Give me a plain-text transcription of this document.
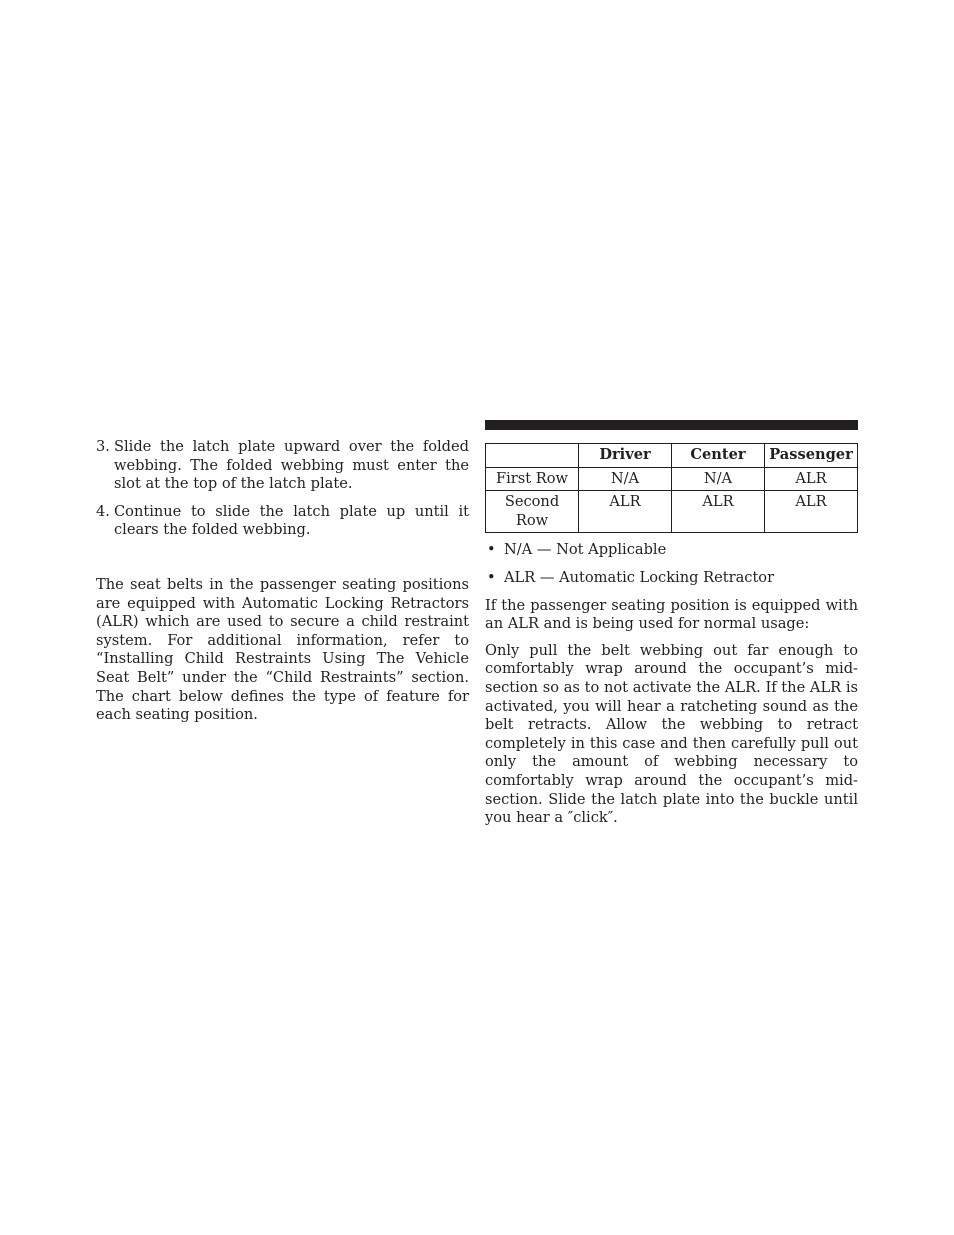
3. Slide the latch plate upward over the folded webbing. The folded webbing must enter the slot at the top of the latch plate.
4. Continue to slide the latch plate up until it clears the folded webbing.

The seat belts in the passenger seating positions are equipped with Automatic Locking Retractors (ALR) which are used to secure a child restraint system. For additional information, refer to “Installing Child Restraints Using The Vehicle Seat Belt” under the “Child Restraints” section. The chart below defines the type of feature for each seating position.

	Driver	Center	Passenger
First Row	N/A	N/A	ALR
Second Row	ALR	ALR	ALR
• N/A — Not Applicable
• ALR — Automatic Locking Retractor

If the passenger seating position is equipped with an ALR and is being used for normal usage:

Only pull the belt webbing out far enough to comfortably wrap around the occupant’s mid-section so as to not activate the ALR. If the ALR is activated, you will hear a ratcheting sound as the belt retracts. Allow the webbing to retract completely in this case and then carefully pull out only the amount of webbing necessary to comfortably wrap around the occupant’s mid-section. Slide the latch plate into the buckle until you hear a ″click″.
